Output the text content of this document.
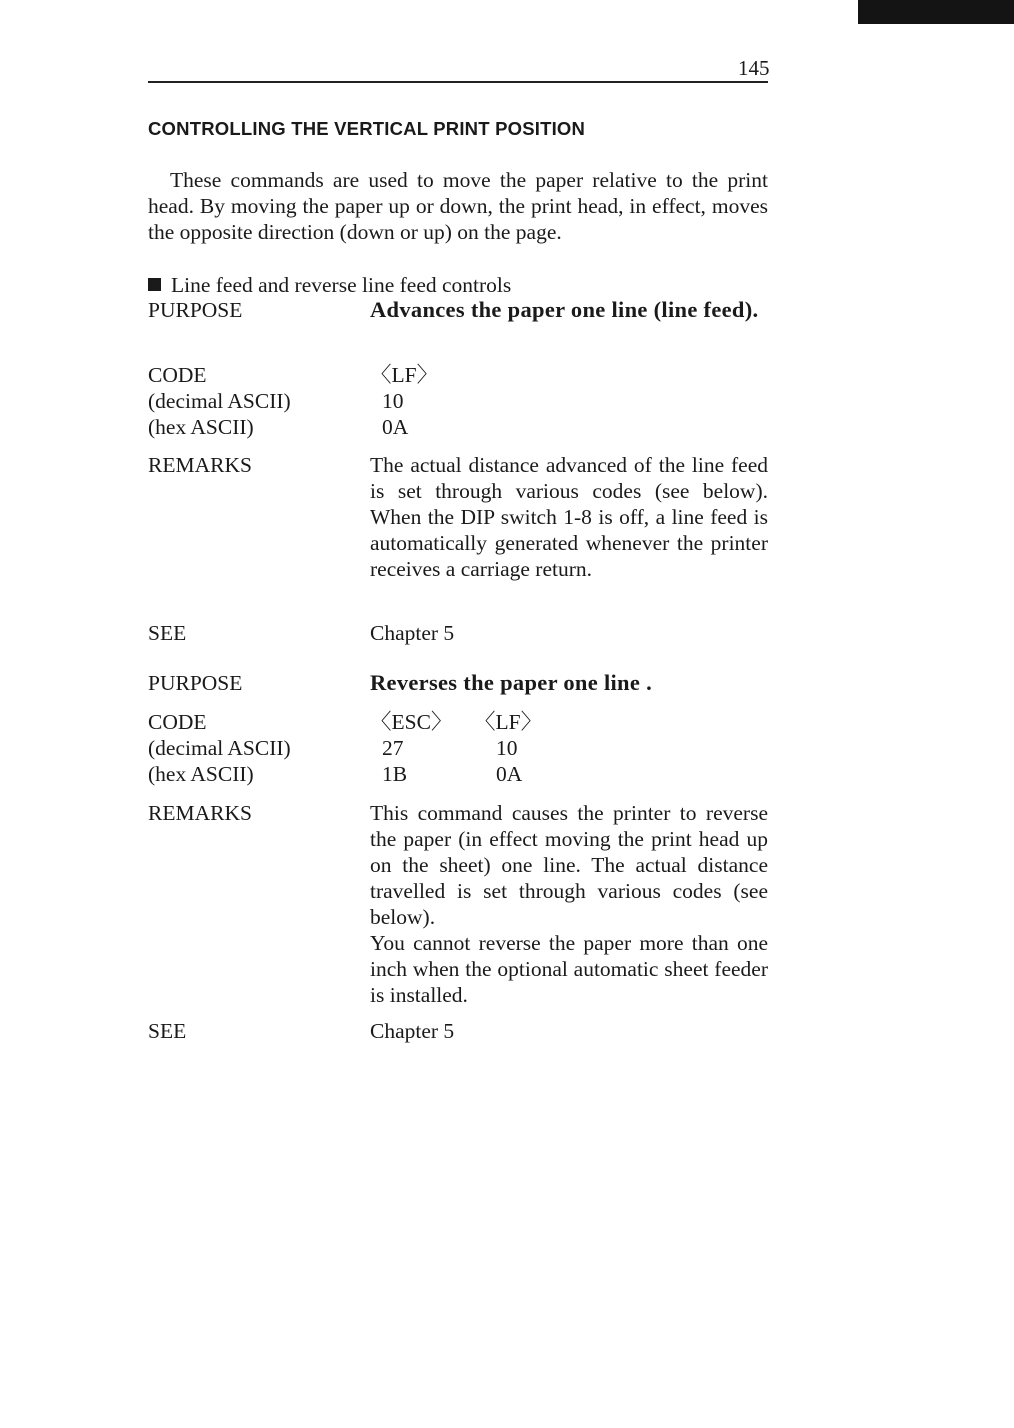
145
CONTROLLING THE VERTICAL PRINT POSITION

These commands are used to move the paper relative to the print head. By moving the paper up or down, the print head, in effect, moves the opposite direction (down or up) on the page.

Line feed and reverse line feed controls
PURPOSE	Advances the paper one line (line feed).
CODE	〈LF〉
(decimal ASCII)	10
(hex ASCII)	0A
REMARKS	The actual distance advanced of the line feed is set through various codes (see below). When the DIP switch 1-8 is off, a line feed is automatically generated whenever the printer receives a carriage return.
SEE	Chapter 5
PURPOSE	Reverses the paper one line .
CODE	〈ESC〉 〈LF〉
(decimal ASCII)	27	10
(hex ASCII)	1B	0A
REMARKS	This command causes the printer to reverse the paper (in effect moving the print head up on the sheet) one line. The actual distance travelled is set through various codes (see below).
You cannot reverse the paper more than one inch when the optional automatic sheet feeder is installed.
SEE	Chapter 5
